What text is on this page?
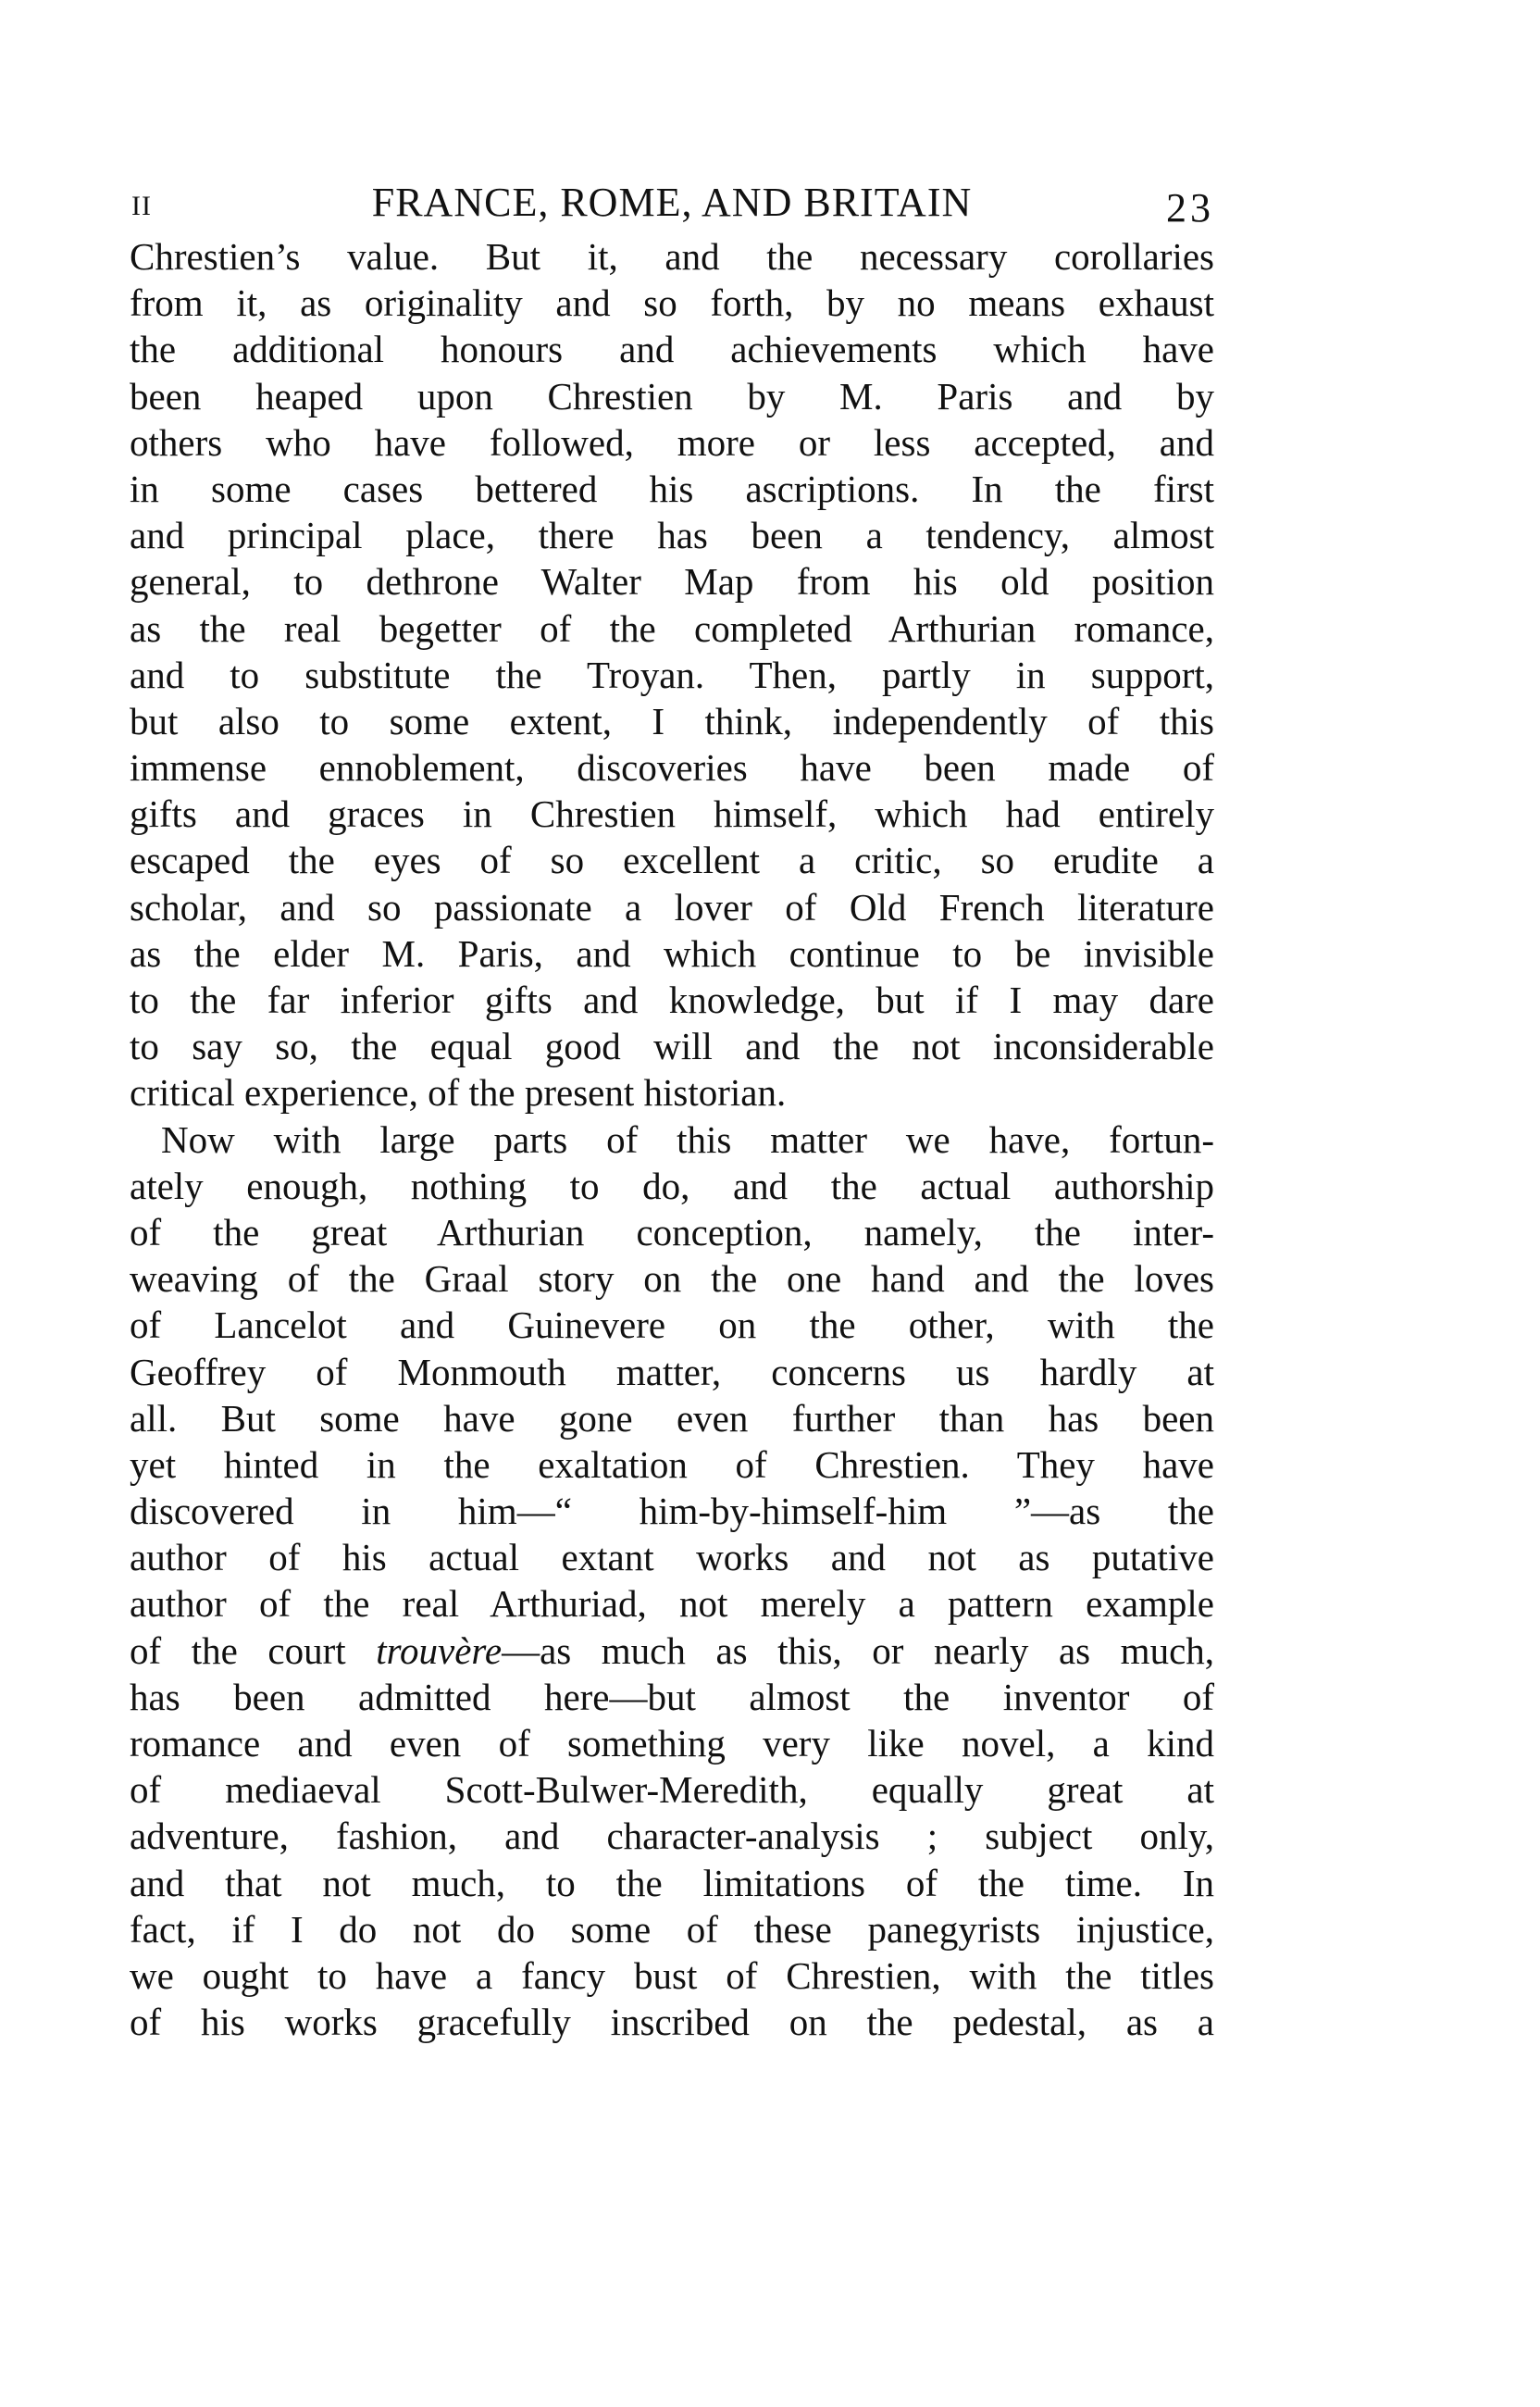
II	FRANCE, ROME, AND BRITAIN	23
Chrestien’s value. But it, and the necessary corollaries
from it, as originality and so forth, by no means exhaust
the additional honours and achievements which have
been heaped upon Chrestien by M. Paris and by
others who have followed, more or less accepted, and
in some cases bettered his ascriptions. In the first
and principal place, there has been a tendency, almost
general, to dethrone Walter Map from his old position
as the real begetter of the completed Arthurian romance,
and to substitute the Troyan. Then, partly in support,
but also to some extent, I think, independently of this
immense ennoblement, discoveries have been made of
gifts and graces in Chrestien himself, which had entirely
escaped the eyes of so excellent a critic, so erudite a
scholar, and so passionate a lover of Old French literature
as the elder M. Paris, and which continue to be invisible
to the far inferior gifts and knowledge, but if I may dare
to say so, the equal good will and the not inconsiderable
critical experience, of the present historian.
Now with large parts of this matter we have, fortun-
ately enough, nothing to do, and the actual authorship
of the great Arthurian conception, namely, the inter-
weaving of the Graal story on the one hand and the loves
of Lancelot and Guinevere on the other, with the
Geoffrey of Monmouth matter, concerns us hardly at
all. But some have gone even further than has been
yet hinted in the exaltation of Chrestien. They have
discovered in him—“ him-by-himself-him ”—as the
author of his actual extant works and not as putative
author of the real Arthuriad, not merely a pattern example
of the court trouvère—as much as this, or nearly as much,
has been admitted here—but almost the inventor of
romance and even of something very like novel, a kind
of mediaeval Scott-Bulwer-Meredith, equally great at
adventure, fashion, and character-analysis ; subject only,
and that not much, to the limitations of the time. In
fact, if I do not do some of these panegyrists injustice,
we ought to have a fancy bust of Chrestien, with the titles
of his works gracefully inscribed on the pedestal, as a
